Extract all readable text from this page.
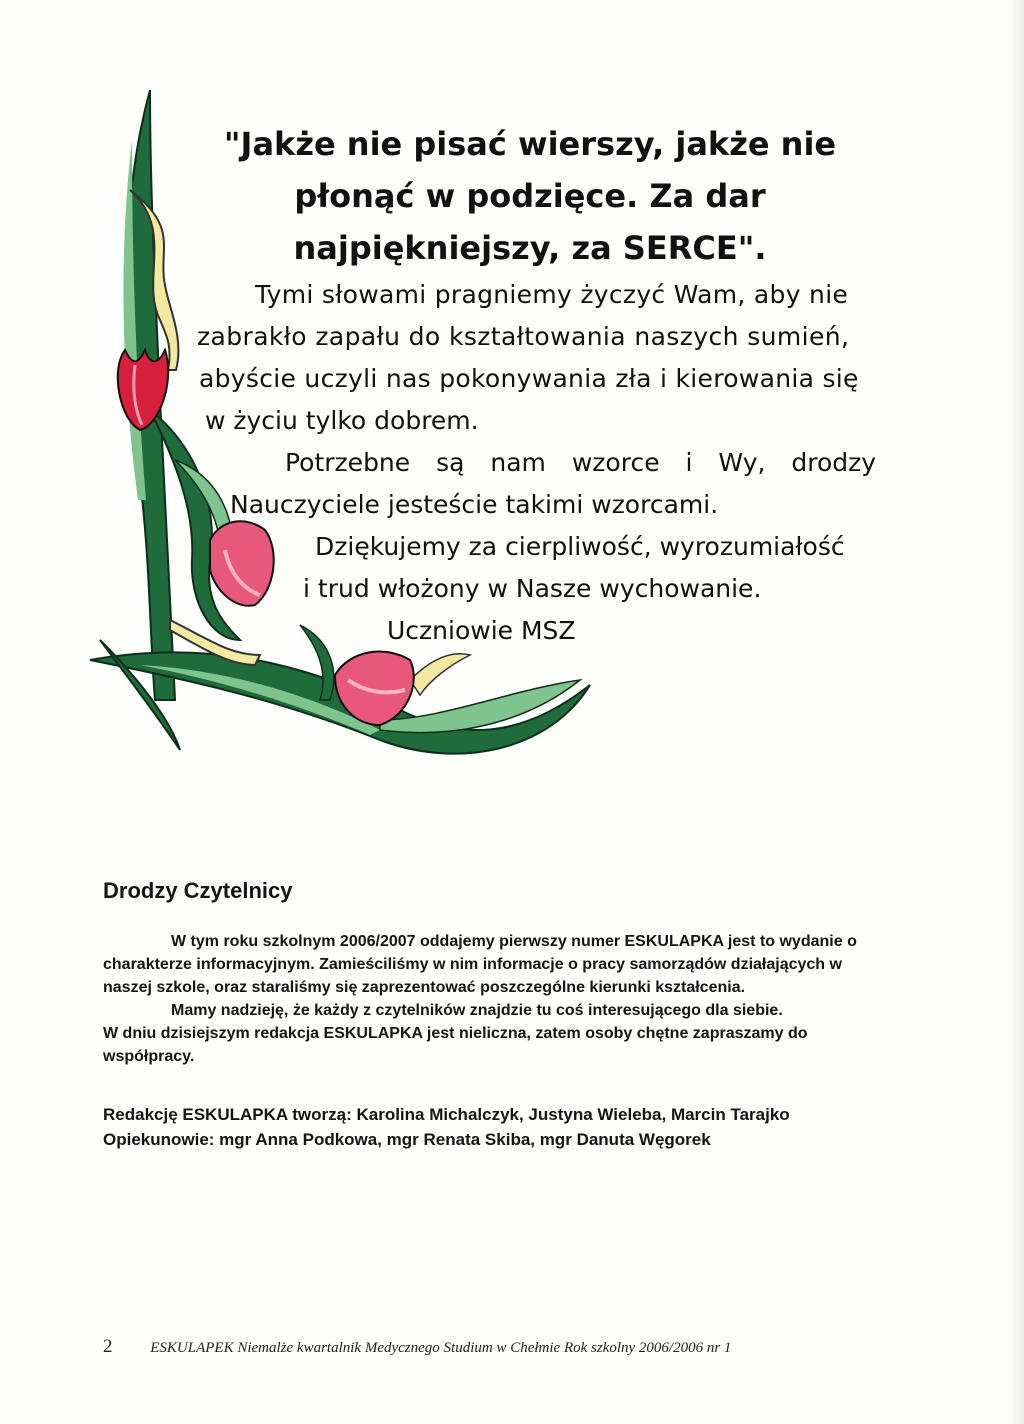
"Jakże nie pisać wierszy, jakże nie
płonąć w podzięce. Za dar
najpiękniejszy, za SERCE".
Tymi słowami pragniemy życzyć Wam, aby nie
zabrakło zapału do kształtowania naszych sumień,
abyście uczyli nas pokonywania zła i kierowania się
w życiu tylko dobrem.
Potrzebne są nam wzorce i Wy, drodzy
Nauczyciele jesteście takimi wzorcami.
Dziękujemy za cierpliwość, wyrozumiałość
i trud włożony w Nasze wychowanie.
Uczniowie MSZ
Drodzy Czytelnicy

W tym roku szkolnym 2006/2007 oddajemy pierwszy numer ESKULAPKA jest to wydanie o charakterze informacyjnym. Zamieściliśmy w nim informacje o pracy samorządów działających w naszej szkole, oraz staraliśmy się zaprezentować poszczególne kierunki kształcenia.

Mamy nadzieję, że każdy z czytelników znajdzie tu coś interesującego dla siebie.

W dniu dzisiejszym redakcja ESKULAPKA jest nieliczna, zatem osoby chętne zapraszamy do współpracy.

Redakcję ESKULAPKA tworzą: Karolina Michalczyk, Justyna Wieleba, Marcin Tarajko
Opiekunowie: mgr Anna Podkowa, mgr Renata Skiba, mgr Danuta Węgorek
2	ESKULAPEK Niemalże kwartalnik Medycznego Studium w Chełmie Rok szkolny 2006/2006 nr 1
